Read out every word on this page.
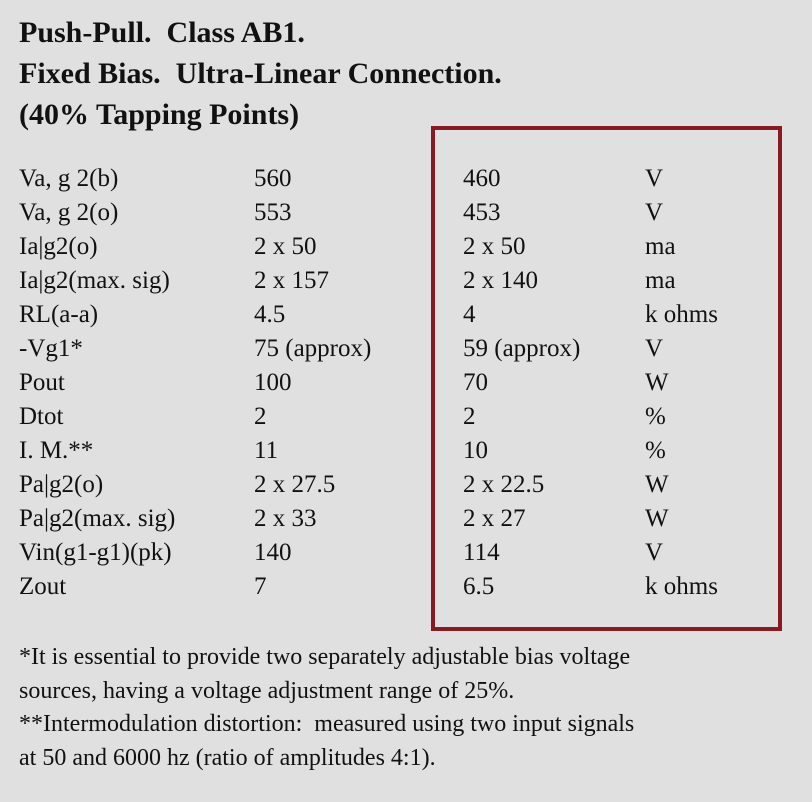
Push-Pull.  Class AB1.
Fixed Bias.  Ultra-Linear Connection.
(40% Tapping Points)
Va, g 2(b)	560	460	V
Va, g 2(o)	553	453	V
Ia|g2(o)	2 x 50	2 x 50	ma
Ia|g2(max. sig)	2 x 157	2 x 140	ma
RL(a-a)	4.5	4	k ohms
-Vg1*	75 (approx)	59 (approx)	V
Pout	100	70	W
Dtot	2	2	%
I. M.**	11	10	%
Pa|g2(o)	2 x 27.5	2 x 22.5	W
Pa|g2(max. sig)	2 x 33	2 x 27	W
Vin(g1-g1)(pk)	140	114	V
Zout	7	6.5	k ohms
*It is essential to provide two separately adjustable bias voltage
sources, having a voltage adjustment range of 25%.
**Intermodulation distortion:  measured using two input signals
at 50 and 6000 hz (ratio of amplitudes 4:1).
